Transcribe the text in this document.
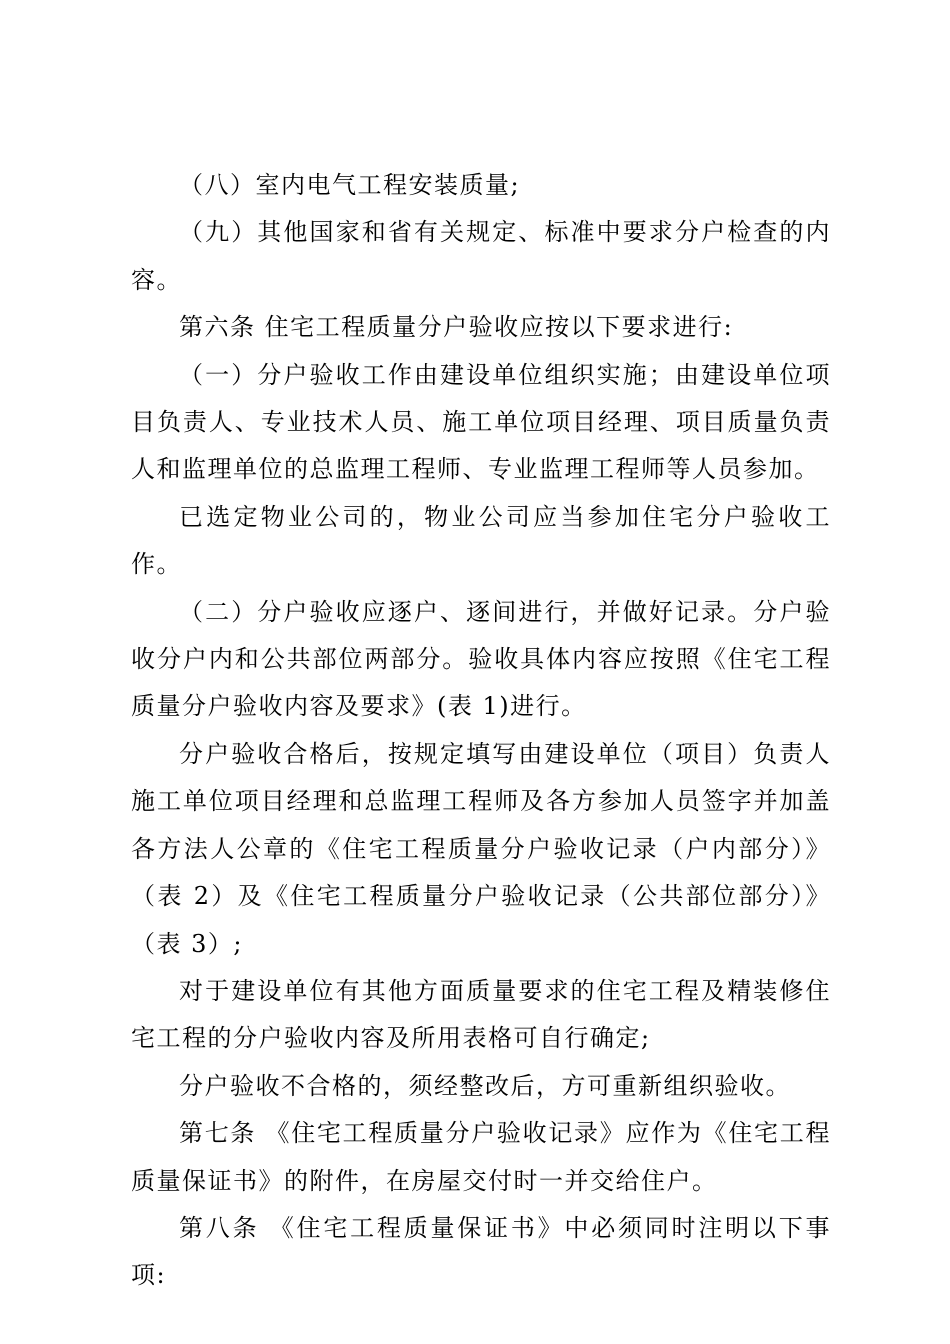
（八）室内电气工程安装质量;

（九）其他国家和省有关规定、标准中要求分户检查的内容。

第六条 住宅工程质量分户验收应按以下要求进行:

（一）分户验收工作由建设单位组织实施；由建设单位项目负责人、专业技术人员、施工单位项目经理、项目质量负责人和监理单位的总监理工程师、专业监理工程师等人员参加。

已选定物业公司的，物业公司应当参加住宅分户验收工作。

（二）分户验收应逐户、逐间进行，并做好记录。分户验收分户内和公共部位两部分。验收具体内容应按照《住宅工程质量分户验收内容及要求》(表 1)进行。

分户验收合格后，按规定填写由建设单位（项目）负责人施工单位项目经理和总监理工程师及各方参加人员签字并加盖各方法人公章的《住宅工程质量分户验收记录（户内部分）》（表 2）及《住宅工程质量分户验收记录（公共部位部分）》（表 3）;

对于建设单位有其他方面质量要求的住宅工程及精装修住宅工程的分户验收内容及所用表格可自行确定;

分户验收不合格的，须经整改后，方可重新组织验收。

第七条 《住宅工程质量分户验收记录》应作为《住宅工程质量保证书》的附件，在房屋交付时一并交给住户。

第八条 《住宅工程质量保证书》中必须同时注明以下事项:
